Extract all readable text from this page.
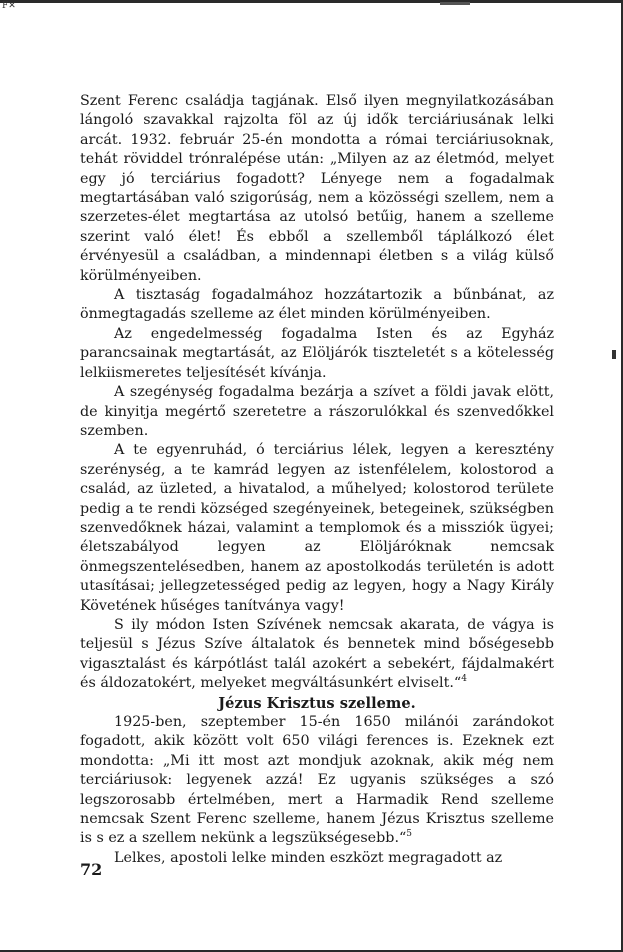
F✕

Szent Ferenc családja tagjának. Első ilyen megnyilatkozásában lángoló szavakkal rajzolta föl az új idők terciáriusának lelki arcát. 1932. február 25-én mondotta a római terciáriusoknak, tehát röviddel trónralépése után: „Milyen az az életmód, melyet egy jó terciárius fogadott? Lényege nem a fogadalmak megtartásában való szigorúság, nem a közösségi szellem, nem a szerzetes-élet megtartása az utolsó betűig, hanem a szelleme szerint való élet! És ebből a szellemből táplálkozó élet érvényesül a családban, a mindennapi életben s a világ külső körülményeiben.

A tisztaság fogadalmához hozzátartozik a bűnbánat, az önmegtagadás szelleme az élet minden körülményeiben.

Az engedelmesség fogadalma Isten és az Egyház parancsainak megtartását, az Elöljárók tiszteletét s a kötelesség lelkiismeretes teljesítését kívánja.

A szegénység fogadalma bezárja a szívet a földi javak elött, de kinyitja megértő szeretetre a rászorulókkal és szenvedőkkel szemben.

A te egyenruhád, ó terciárius lélek, legyen a keresztény szerénység, a te kamrád legyen az istenfélelem, kolostorod a család, az üzleted, a hivatalod, a műhelyed; kolostorod területe pedig a te rendi községed szegényeinek, betegeinek, szükségben szenvedőknek házai, valamint a templomok és a missziók ügyei; életszabályod legyen az Elöljáróknak nemcsak önmegszentelésedben, hanem az apostolkodás területén is adott utasításai; jellegzetességed pedig az legyen, hogy a Nagy Király Követének hűséges tanítványa vagy!

S ily módon Isten Szívének nemcsak akarata, de vágya is teljesül s Jézus Szíve általatok és bennetek mind bőségesebb vigasztalást és kárpótlást talál azokért a sebekért, fájdalmakért és áldozatokért, melyeket megváltásunkért elviselt.“$^4$

Jézus Krisztus szelleme.

1925-ben, szeptember 15-én 1650 milánói zarándokot fogadott, akik között volt 650 világi ferences is. Ezeknek ezt mondotta: „Mi itt most azt mondjuk azoknak, akik még nem terciáriusok: legyenek azzá! Ez ugyanis szükséges a szó legszorosabb értelmében, mert a Harmadik Rend szelleme nemcsak Szent Ferenc szelleme, hanem Jézus Krisztus szelleme is s ez a szellem nekünk a legszükségesebb.“$^5$

Lelkes, apostoli lelke minden eszközt megragadott az

72
